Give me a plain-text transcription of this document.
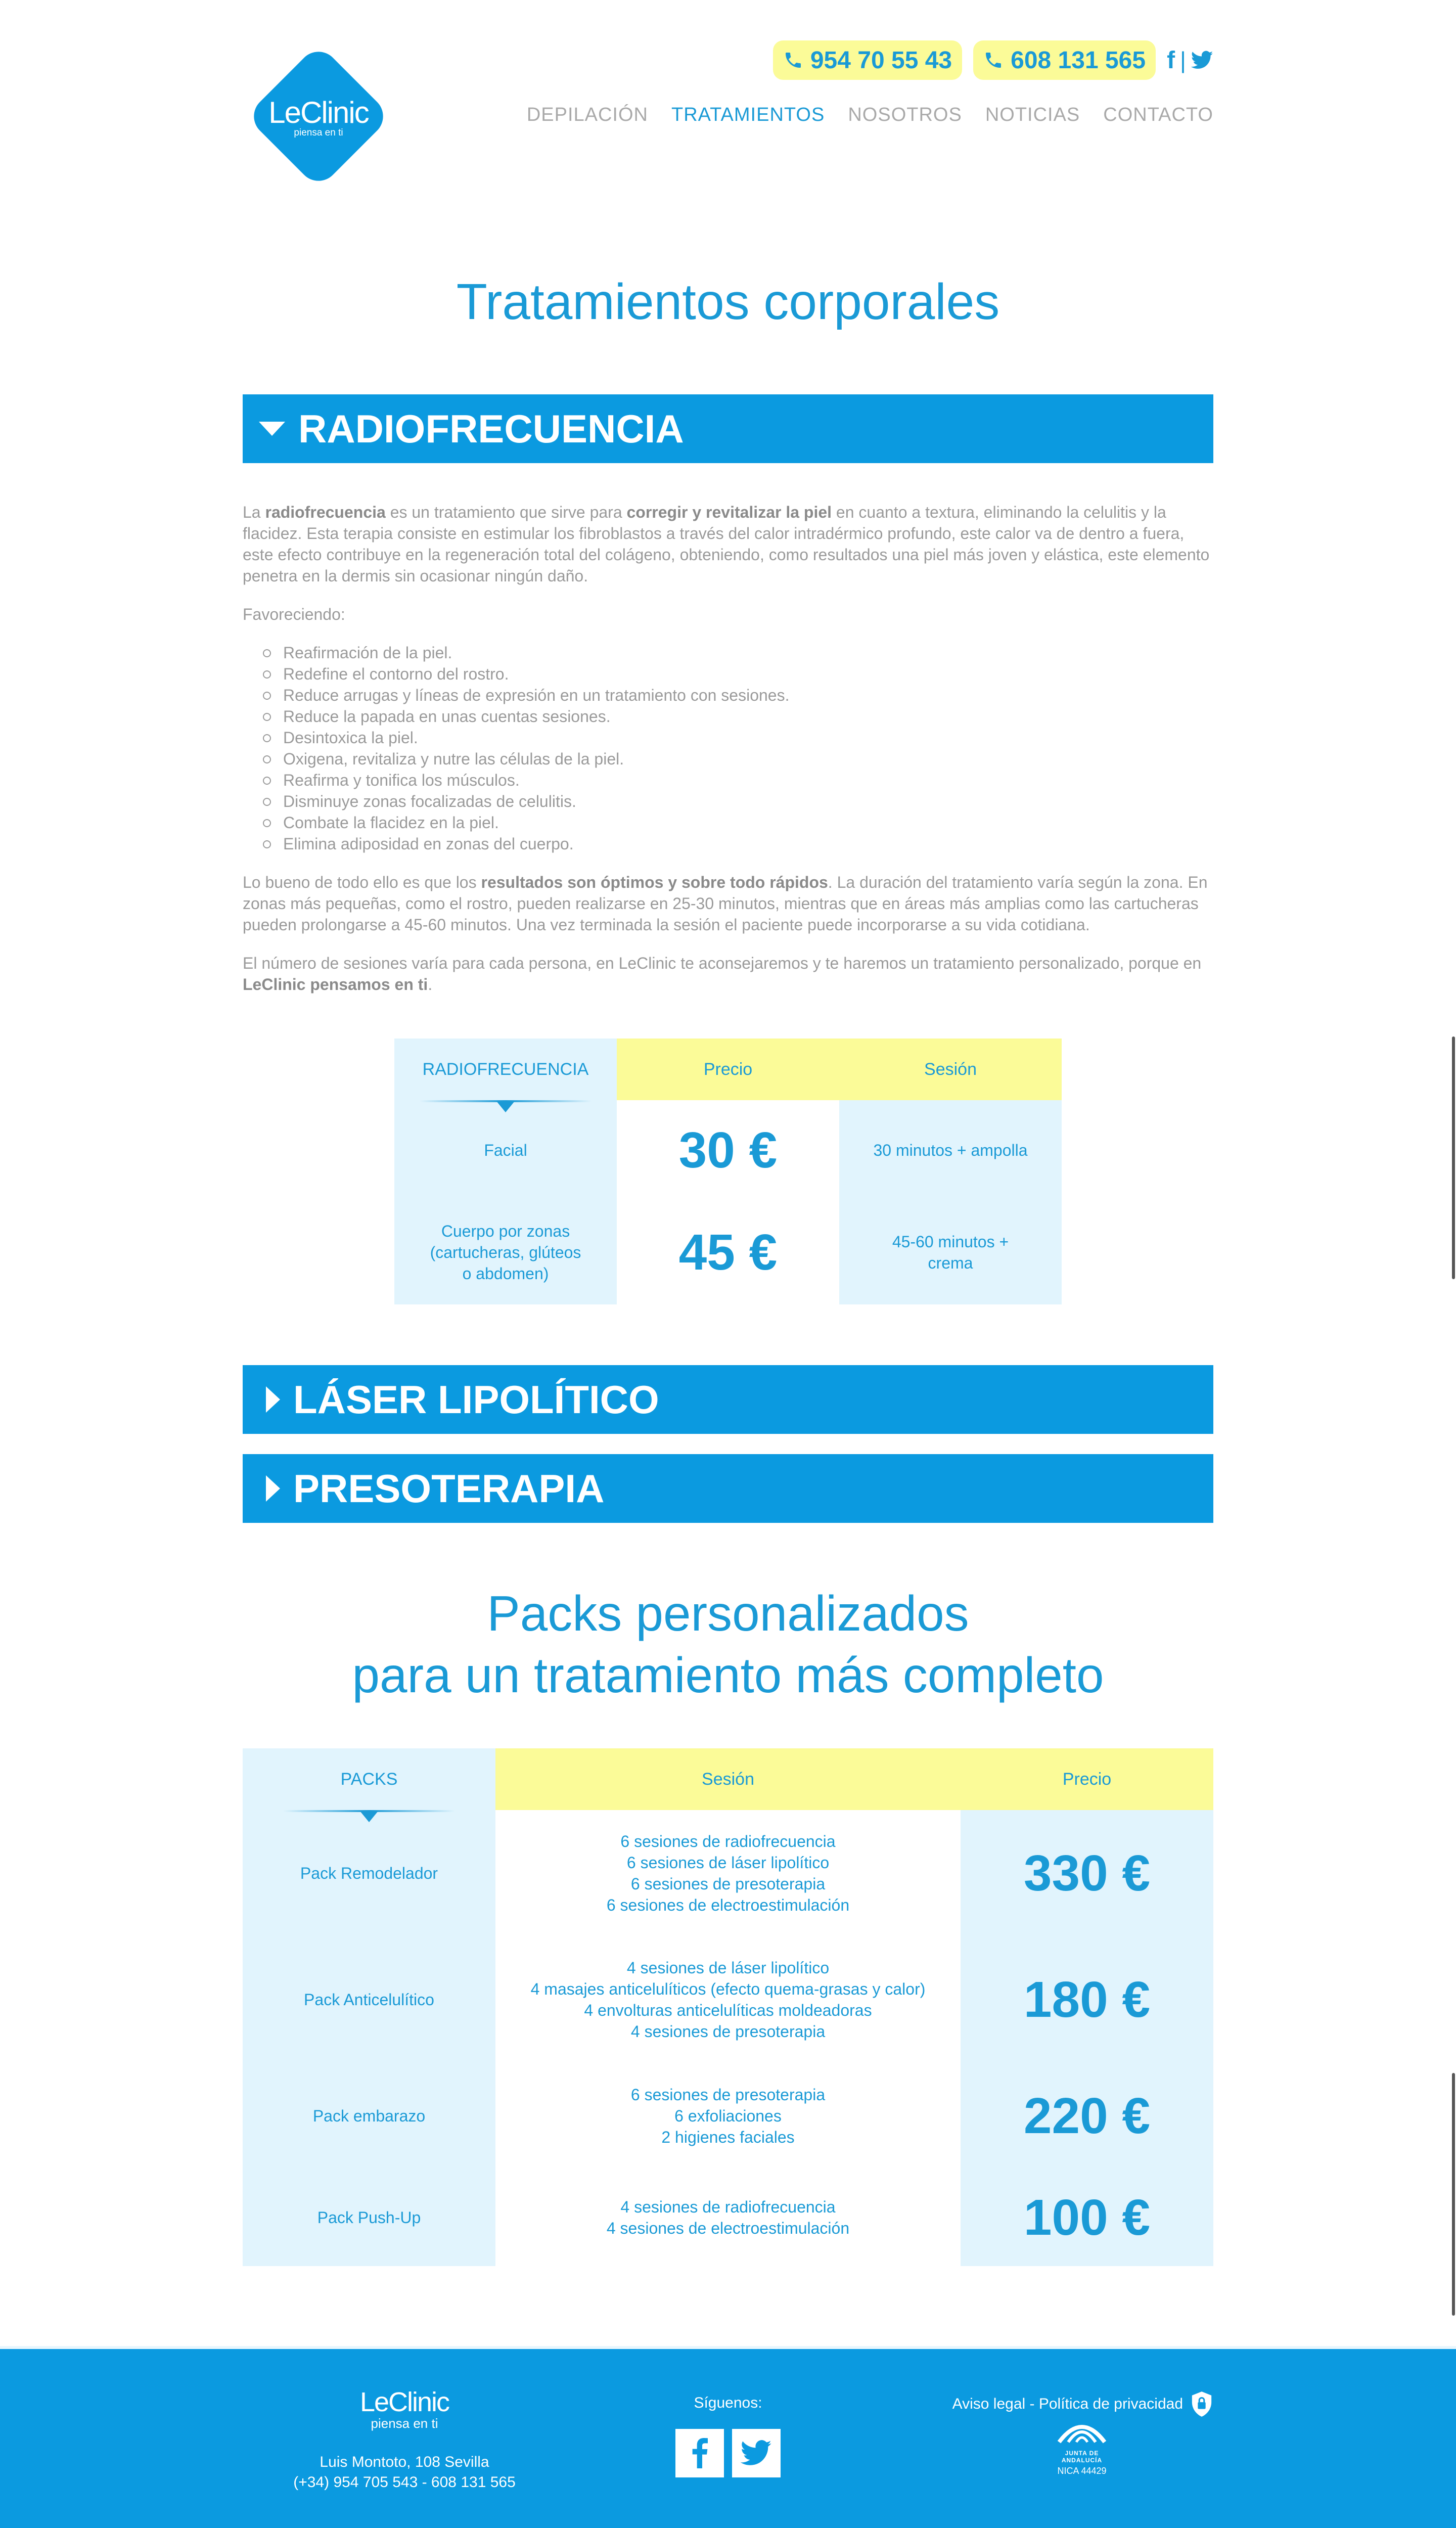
LeClinic
piensa en ti
954 70 55 43 608 131 565 f |
DEPILACIÓN TRATAMIENTOS NOSOTROS NOTICIAS CONTACTO
Tratamientos corporales
RADIOFRECUENCIA

La radiofrecuencia es un tratamiento que sirve para corregir y revitalizar la piel en cuanto a textura, eliminando la celulitis y la flacidez. Esta terapia consiste en estimular los fibroblastos a través del calor intradérmico profundo, este calor va de dentro a fuera, este efecto contribuye en la regeneración total del colágeno, obteniendo, como resultados una piel más joven y elástica, este elemento penetra en la dermis sin ocasionar ningún daño.

Favoreciendo:

Reafirmación de la piel.
Redefine el contorno del rostro.
Reduce arrugas y líneas de expresión en un tratamiento con sesiones.
Reduce la papada en unas cuentas sesiones.
Desintoxica la piel.
Oxigena, revitaliza y nutre las células de la piel.
Reafirma y tonifica los músculos.
Disminuye zonas focalizadas de celulitis.
Combate la flacidez en la piel.
Elimina adiposidad en zonas del cuerpo.

Lo bueno de todo ello es que los resultados son óptimos y sobre todo rápidos. La duración del tratamiento varía según la zona. En zonas más pequeñas, como el rostro, pueden realizarse en 25-30 minutos, mientras que en áreas más amplias como las cartucheras pueden prolongarse a 45-60 minutos. Una vez terminada la sesión el paciente puede incorporarse a su vida cotidiana.

El número de sesiones varía para cada persona, en LeClinic te aconsejaremos y te haremos un tratamiento personalizado, porque en LeClinic pensamos en ti.

RADIOFRECUENCIA
Facial
Cuerpo por zonas (cartucheras, glúteos o abdomen)
Precio
30 €
45 €
Sesión
30 minutos + ampolla
45-60 minutos + crema
LÁSER LIPOLÍTICO
PRESOTERAPIA
Packs personalizados
para un tratamiento más completo
PACKS
Pack Remodelador
Pack Anticelulítico
Pack embarazo
Pack Push-Up
Sesión
6 sesiones de radiofrecuencia
6 sesiones de láser lipolítico
6 sesiones de presoterapia
6 sesiones de electroestimulación
4 sesiones de láser lipolítico
4 masajes anticelulíticos (efecto quema-grasas y calor)
4 envolturas anticelulíticas moldeadoras
4 sesiones de presoterapia
6 sesiones de presoterapia
6 exfoliaciones
2 higienes faciales
4 sesiones de radiofrecuencia
4 sesiones de electroestimulación
Precio
330 €
180 €
220 €
100 €
LeClinic
piensa en ti
Luis Montoto, 108 Sevilla
(+34) 954 705 543 - 608 131 565
Síguenos:	Aviso legal - Política de privacidad
JUNTA DE ANDALUCÍA
NICA 44429
